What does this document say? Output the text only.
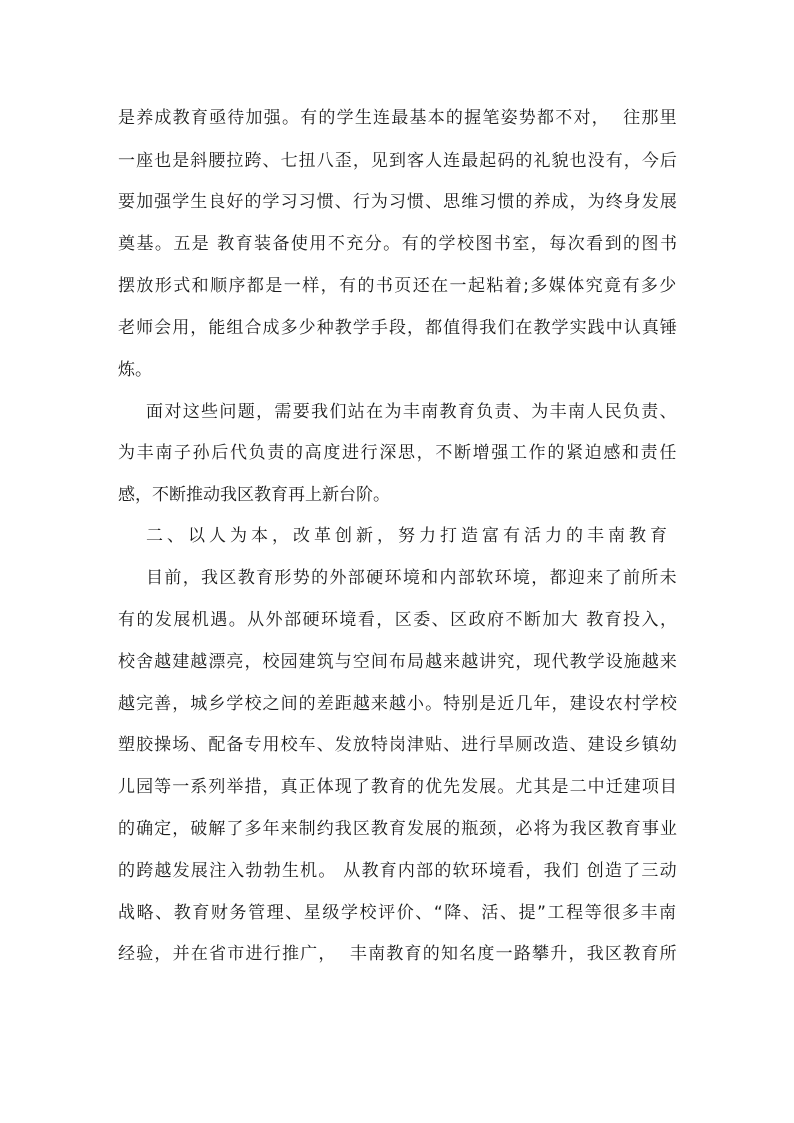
是养成教育亟待加强。有的学生连最基本的握笔姿势都不对，  往那里
一座也是斜腰拉跨、七扭八歪，见到客人连最起码的礼貌也没有，今后
要加强学生良好的学习习惯、行为习惯、思维习惯的养成，为终身发展
奠基。五是 教育装备使用不充分。有的学校图书室，每次看到的图书
摆放形式和顺序都是一样，有的书页还在一起粘着;多媒体究竟有多少
老师会用，能组合成多少种教学手段，都值得我们在教学实践中认真锤
炼。
面对这些问题，需要我们站在为丰南教育负责、为丰南人民负责、
为丰南子孙后代负责的高度进行深思，不断增强工作的紧迫感和责任
感，不断推动我区教育再上新台阶。
二、以人为本，改革创新，努力打造富有活力的丰南教育
目前，我区教育形势的外部硬环境和内部软环境，都迎来了前所未
有的发展机遇。从外部硬环境看，区委、区政府不断加大 教育投入，
校舍越建越漂亮，校园建筑与空间布局越来越讲究，现代教学设施越来
越完善，城乡学校之间的差距越来越小。特别是近几年，建设农村学校
塑胶操场、配备专用校车、发放特岗津贴、进行旱厕改造、建设乡镇幼
儿园等一系列举措，真正体现了教育的优先发展。尤其是二中迁建项目
的确定，破解了多年来制约我区教育发展的瓶颈，必将为我区教育事业
的跨越发展注入勃勃生机。 从教育内部的软环境看，我们 创造了三动
战略、教育财务管理、星级学校评价、“降、活、提”工程等很多丰南
经验，并在省市进行推广，  丰南教育的知名度一路攀升，我区教育所
